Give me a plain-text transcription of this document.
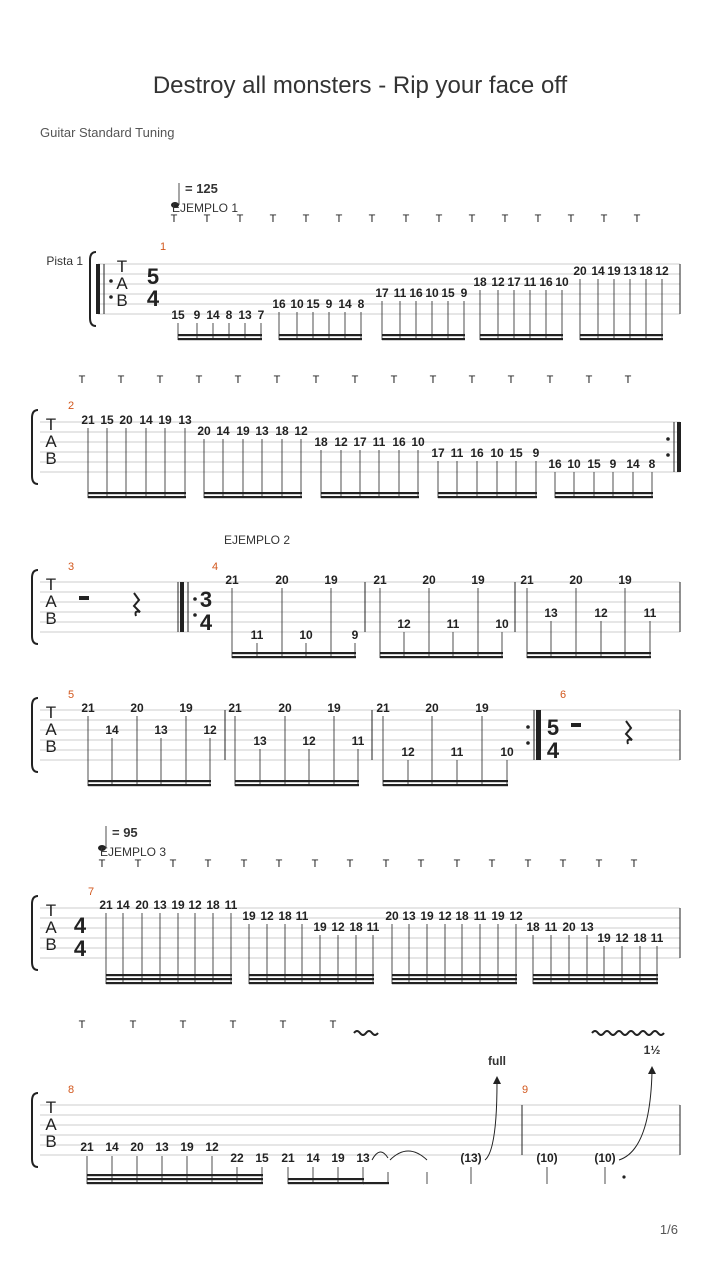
Destroy all monsters - Rip your face off
Guitar Standard Tuning
1/6
T
A
B
Pista 1
5
4
1
= 125
EJEMPLO 1
T T T T T T T T T T T T T T T
15 9 14 8 13 7
16 10 15 9 14 8
17 11 16 10 15 9
18 12 17 11 16 10
20 14 19 13 18 12
T	T	T	T	T	T	T	T	T	T	T	T	T	T	T
T
A
B
2
21 15 20 14 19 13
20 14 19 13 18 12
18 12 17 11 16 10
17 11 16 10 15 9
16 10 15 9 14 8
T
A
B
3	4
3
4
EJEMPLO 2
21
11
20
10
19
9
21
12
20
11
19
10
21
13
20
12
19
11
T
A
B
5	6
21
14
20
13
19
12
21
13
20
12
19
11
21
12
20
11
19
10
5
4
= 95
EJEMPLO 3
T	T	T	T	T	T	T	T	T	T	T	T	T	T	T	T
T
A
B
4
4
7
21 14 20 13 19 12 18 11
19 12 18 11
19 12 18 11
20 13 19 12 18 11 19 12
18 11 20 13
19 12 18 11
T	T	T	T	T	T
T
A
B
8	9
21 14 20 13 19 12
22 15 21 14 19 13	(13)
full
(10)	(10)
1½
